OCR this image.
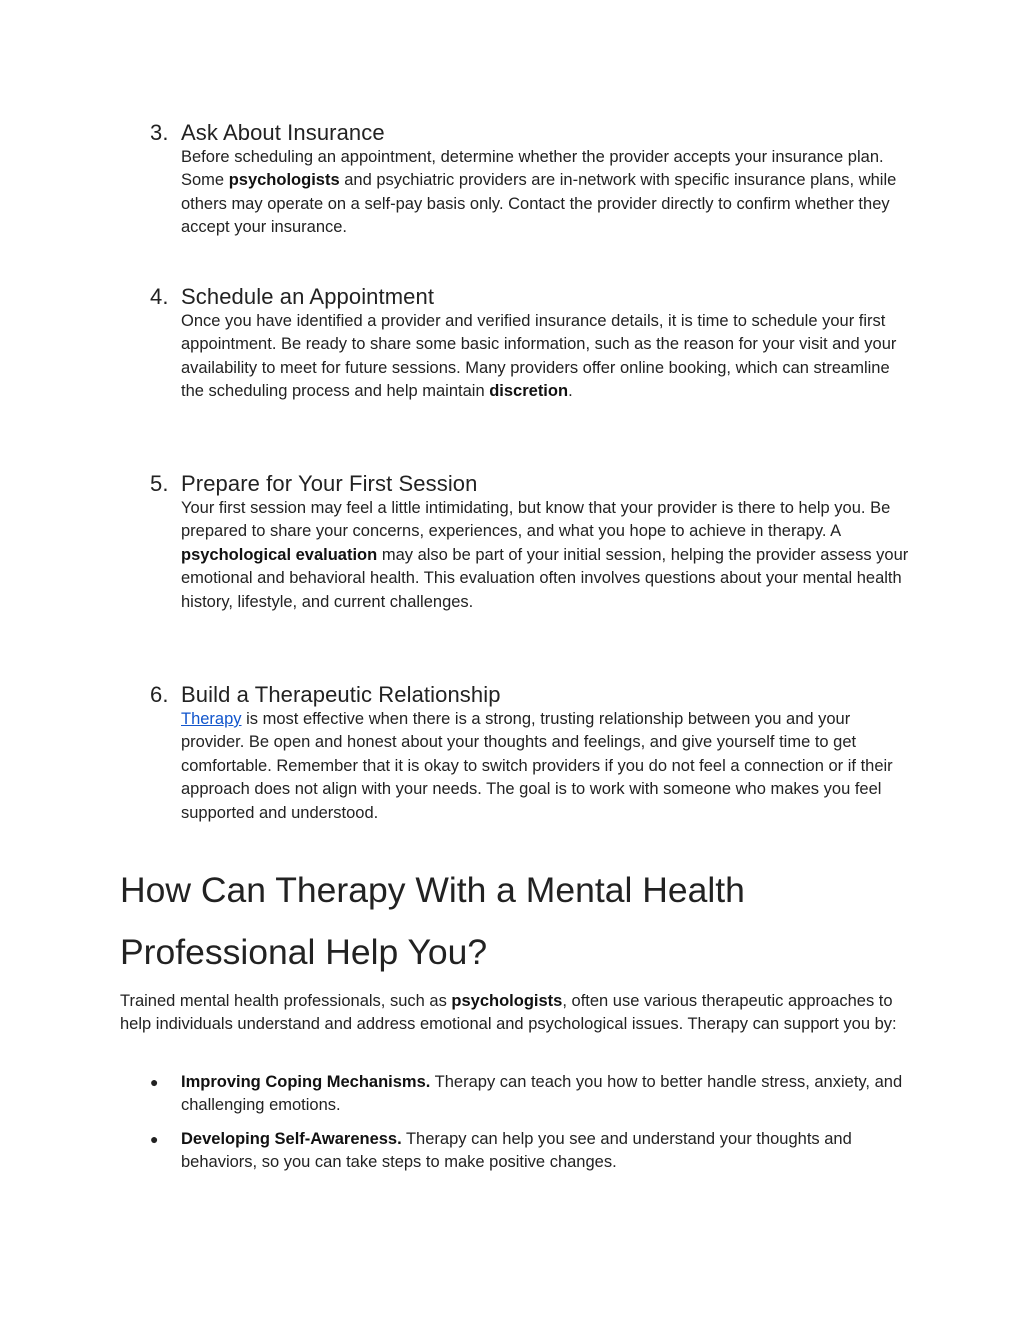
3. Ask About Insurance
Before scheduling an appointment, determine whether the provider accepts your insurance plan. Some psychologists and psychiatric providers are in-network with specific insurance plans, while others may operate on a self-pay basis only. Contact the provider directly to confirm whether they accept your insurance.
4. Schedule an Appointment
Once you have identified a provider and verified insurance details, it is time to schedule your first appointment. Be ready to share some basic information, such as the reason for your visit and your availability to meet for future sessions. Many providers offer online booking, which can streamline the scheduling process and help maintain discretion.
5. Prepare for Your First Session
Your first session may feel a little intimidating, but know that your provider is there to help you. Be prepared to share your concerns, experiences, and what you hope to achieve in therapy. A psychological evaluation may also be part of your initial session, helping the provider assess your emotional and behavioral health. This evaluation often involves questions about your mental health history, lifestyle, and current challenges.
6. Build a Therapeutic Relationship
Therapy is most effective when there is a strong, trusting relationship between you and your provider. Be open and honest about your thoughts and feelings, and give yourself time to get comfortable. Remember that it is okay to switch providers if you do not feel a connection or if their approach does not align with your needs. The goal is to work with someone who makes you feel supported and understood.
How Can Therapy With a Mental Health Professional Help You?

Trained mental health professionals, such as psychologists, often use various therapeutic approaches to help individuals understand and address emotional and psychological issues. Therapy can support you by:

●	Improving Coping Mechanisms. Therapy can teach you how to better handle stress, anxiety, and challenging emotions.
●	Developing Self-Awareness. Therapy can help you see and understand your thoughts and behaviors, so you can take steps to make positive changes.
